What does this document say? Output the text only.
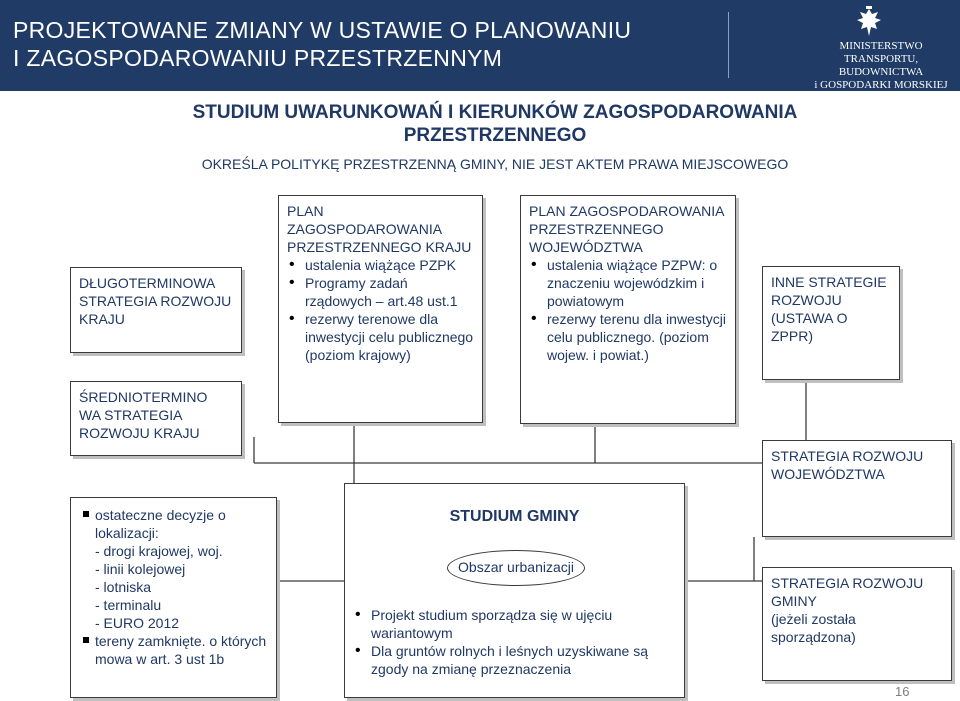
PROJEKTOWANE ZMIANY W USTAWIE O PLANOWANIU
I ZAGOSPODAROWANIU PRZESTRZENNYM	MINISTERSTWO
TRANSPORTU, BUDOWNICTWA
i GOSPODARKI MORSKIEJ
STUDIUM UWARUNKOWAŃ I KIERUNKÓW ZAGOSPODAROWANIA
PRZESTRZENNEGO
OKREŚLA POLITYKĘ PRZESTRZENNĄ GMINY, NIE JEST AKTEM PRAWA MIEJSCOWEGO
DŁUGOTERMINOWA STRATEGIA ROZWOJU KRAJU
ŚREDNIOTERMINO
WA STRATEGIA ROZWOJU KRAJU
PLAN ZAGOSPODAROWANIA PRZESTRZENNEGO KRAJU
• ustalenia wiążące PZPK
• Programy zadań rządowych – art.48 ust.1
• rezerwy terenowe dla inwestycji celu publicznego (poziom krajowy)
PLAN ZAGOSPODAROWANIA PRZESTRZENNEGO WOJEWÓDZTWA
• ustalenia wiążące PZPW: o znaczeniu wojewódzkim i powiatowym
• rezerwy terenu dla inwestycji celu publicznego. (poziom wojew. i powiat.)
INNE STRATEGIE ROZWOJU (USTAWA O ZPPR)
STRATEGIA ROZWOJU WOJEWÓDZTWA
STRATEGIA ROZWOJU GMINY
(jeżeli została sporządzona)
ostateczne decyzje o lokalizacji:
- drogi krajowej, woj.
- linii kolejowej
- lotniska
- terminalu
- EURO 2012
tereny zamknięte. o których mowa w art. 3 ust 1b
STUDIUM GMINY
• Projekt studium sporządza się w ujęciu wariantowym
• Dla gruntów rolnych i leśnych uzyskiwane są zgody na zmianę przeznaczenia
Obszar urbanizacji
16
